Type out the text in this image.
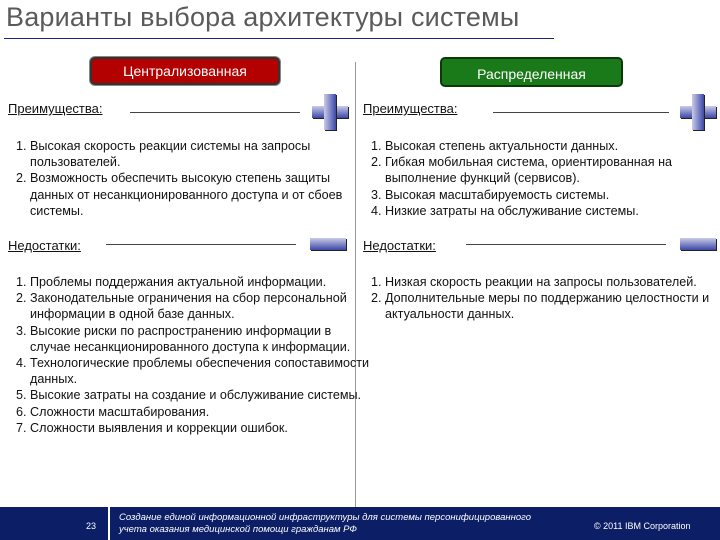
Варианты выбора архитектуры системы
Централизованная	Распределенная
Преимущества:
1. Высокая скорость реакции системы на запросы пользователей.
2. Возможность обеспечить высокую степень защиты данных от несанкционированного доступа и от сбоев системы.
Недостатки:
1. Проблемы поддержания актуальной информации.
2. Законодательные ограничения на сбор персональной информации в одной базе данных.
3. Высокие риски по распространению информации в случае несанкционированного доступа к информации.
4. Технологические проблемы обеспечения сопоставимости данных.
5. Высокие затраты на создание и обслуживание системы.
6. Сложности масштабирования.
7. Сложности выявления и коррекции ошибок.
Преимущества:
1. Высокая степень актуальности данных.
2. Гибкая мобильная система, ориентированная на выполнение функций (сервисов).
3. Высокая масштабируемость системы.
4. Низкие затраты на обслуживание системы.
Недостатки:
1. Низкая скорость реакции на запросы пользователей.
2. Дополнительные меры по поддержанию целостности и актуальности данных.
23
Создание единой информационной инфраструктуры для системы персонифицированного учета оказания медицинской помощи гражданам РФ	© 2011 IBM Corporation
